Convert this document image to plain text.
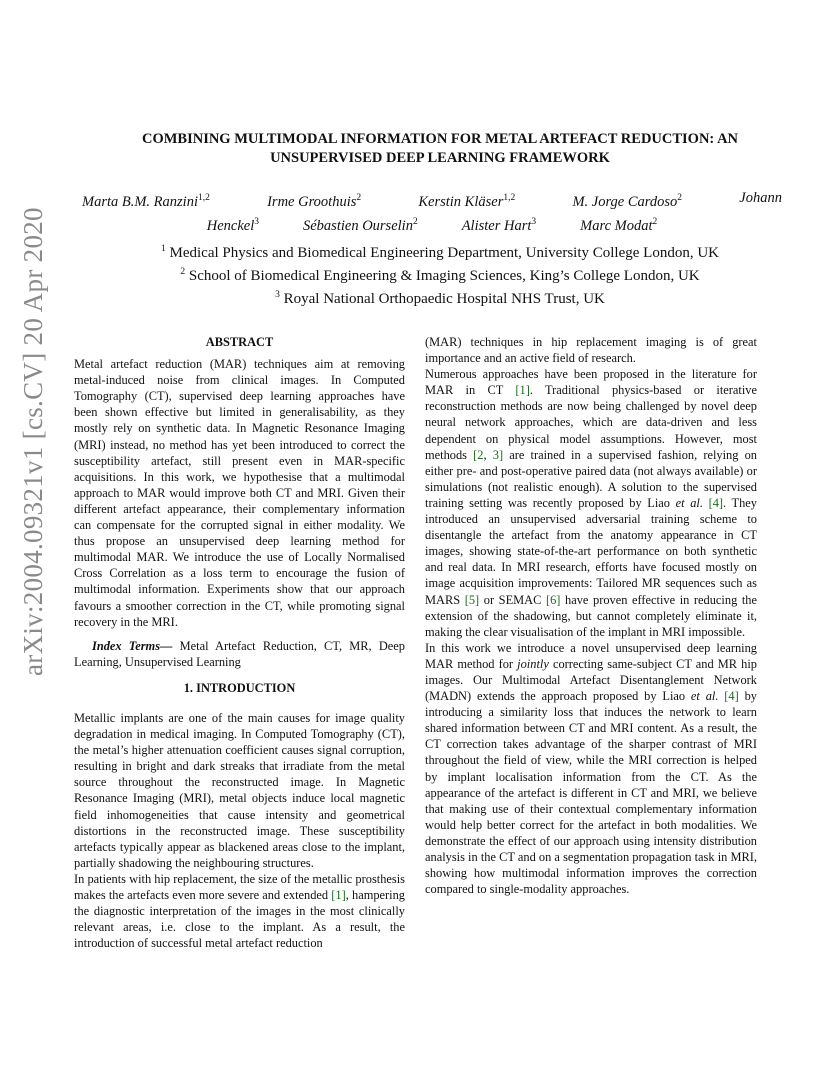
arXiv:2004.09321v1 [cs.CV] 20 Apr 2020
COMBINING MULTIMODAL INFORMATION FOR METAL ARTEFACT REDUCTION: AN
UNSUPERVISED DEEP LEARNING FRAMEWORK
Marta B.M. Ranzini$^{1,2}$	Irme Groothuis$^2$	Kerstin Kläser$^{1,2}$	M. Jorge Cardoso$^2$	Johann
Henckel$^3$	Sébastien Ourselin$^2$	Alister Hart$^3$	Marc Modat$^2$
$^1$ Medical Physics and Biomedical Engineering Department, University College London, UK
$^2$ School of Biomedical Engineering & Imaging Sciences, King’s College London, UK
$^3$ Royal National Orthopaedic Hospital NHS Trust, UK

ABSTRACT

Metal artefact reduction (MAR) techniques aim at removing metal-induced noise from clinical images. In Computed Tomography (CT), supervised deep learning approaches have been shown effective but limited in generalisability, as they mostly rely on synthetic data. In Magnetic Resonance Imaging (MRI) instead, no method has yet been introduced to correct the susceptibility artefact, still present even in MAR-specific acquisitions. In this work, we hypothesise that a multimodal approach to MAR would improve both CT and MRI. Given their different artefact appearance, their complementary information can compensate for the corrupted signal in either modality. We thus propose an unsupervised deep learning method for multimodal MAR. We introduce the use of Locally Normalised Cross Correlation as a loss term to encourage the fusion of multimodal information. Experiments show that our approach favours a smoother correction in the CT, while promoting signal recovery in the MRI.

Index Terms— Metal Artefact Reduction, CT, MR, Deep Learning, Unsupervised Learning

1. INTRODUCTION

Metallic implants are one of the main causes for image quality degradation in medical imaging. In Computed Tomography (CT), the metal’s higher attenuation coefficient causes signal corruption, resulting in bright and dark streaks that irradiate from the metal source throughout the reconstructed image. In Magnetic Resonance Imaging (MRI), metal objects induce local magnetic field inhomogeneities that cause intensity and geometrical distortions in the reconstructed image. These susceptibility artefacts typically appear as blackened areas close to the implant, partially shadowing the neighbouring structures.

In patients with hip replacement, the size of the metallic prosthesis makes the artefacts even more severe and extended [1], hampering the diagnostic interpretation of the images in the most clinically relevant areas, i.e. close to the implant. As a result, the introduction of successful metal artefact reduction

(MAR) techniques in hip replacement imaging is of great importance and an active field of research.

Numerous approaches have been proposed in the literature for MAR in CT [1]. Traditional physics-based or iterative reconstruction methods are now being challenged by novel deep neural network approaches, which are data-driven and less dependent on physical model assumptions. However, most methods [2, 3] are trained in a supervised fashion, relying on either pre- and post-operative paired data (not always available) or simulations (not realistic enough). A solution to the supervised training setting was recently proposed by Liao et al. [4]. They introduced an unsupervised adversarial training scheme to disentangle the artefact from the anatomy appearance in CT images, showing state-of-the-art performance on both synthetic and real data. In MRI research, efforts have focused mostly on image acquisition improvements: Tailored MR sequences such as MARS [5] or SEMAC [6] have proven effective in reducing the extension of the shadowing, but cannot completely eliminate it, making the clear visualisation of the implant in MRI impossible.

In this work we introduce a novel unsupervised deep learning MAR method for jointly correcting same-subject CT and MR hip images. Our Multimodal Artefact Disentanglement Network (MADN) extends the approach proposed by Liao et al. [4] by introducing a similarity loss that induces the network to learn shared information between CT and MRI content. As a result, the CT correction takes advantage of the sharper contrast of MRI throughout the field of view, while the MRI correction is helped by implant localisation information from the CT. As the appearance of the artefact is different in CT and MRI, we believe that making use of their contextual complementary information would help better correct for the artefact in both modalities. We demonstrate the effect of our approach using intensity distribution analysis in the CT and on a segmentation propagation task in MRI, showing how multimodal information improves the correction compared to single-modality approaches.
